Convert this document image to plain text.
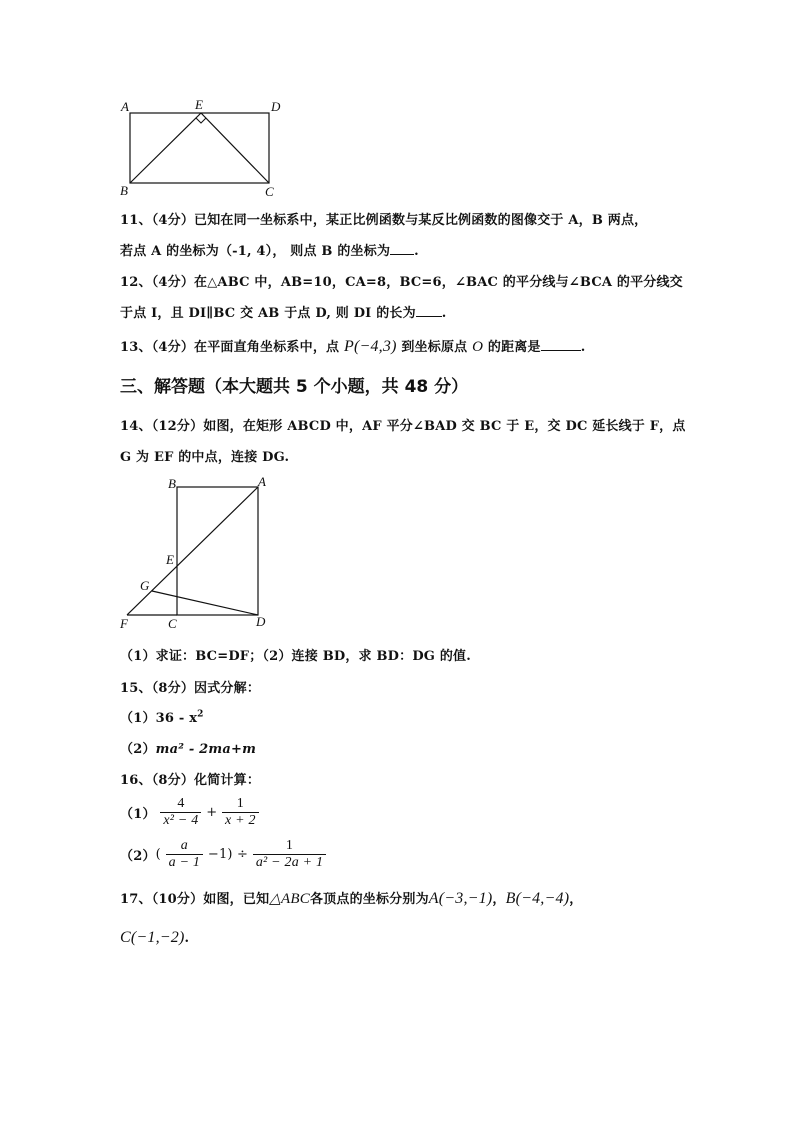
A	E	D
B	C
11、（4分）已知在同一坐标系中，某正比例函数与某反比例函数的图像交于 A，B 两点，
若点 A 的坐标为（-1, 4）， 则点 B 的坐标为 .
12、（4分）在△ABC 中，AB=10，CA=8，BC=6，∠BAC 的平分线与∠BCA 的平分线交
于点 I，且 DI∥BC 交 AB 于点 D, 则 DI 的长为 .
13、（4分）在平面直角坐标系中，点 P(−4,3) 到坐标原点 O 的距离是	.
三、解答题（本大题共 5 个小题，共 48 分）
14、（12分）如图，在矩形 ABCD 中，AF 平分∠BAD 交 BC 于 E，交 DC 延长线于 F，点
G 为 EF 的中点，连接 DG.
B	A
E
G
F	C	D
（1）求证：BC=DF；（2）连接 BD，求 BD：DG 的值.
15、（8分）因式分解：
$(1)36 - x^2$
（2）ma² - 2ma+m
16、（8分）化简计算：
$(1) \frac{4}{\text{x² − 4}} + \frac{1}{x + 2}$
$(2)( \frac{a}{a - 1} -1) \div \frac{1}{\text{a² − 2a + 1}}$
17、（10分）如图，已知△ABC各顶点的坐标分别为A(−3,−1)，B(−4,−4)，
C(−1,−2).
